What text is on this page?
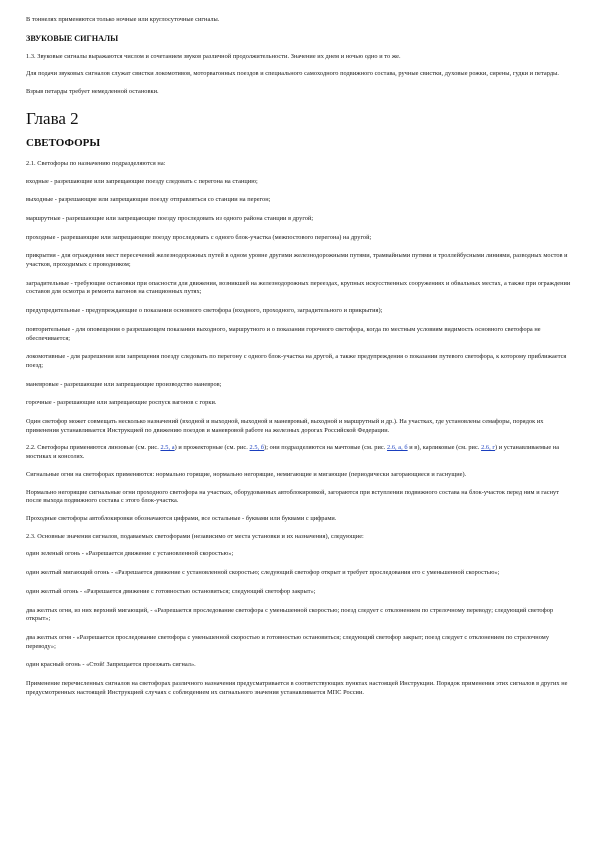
В тоннелях применяются только ночные или круглосуточные сигналы.

ЗВУКОВЫЕ СИГНАЛЫ

1.3. Звуковые сигналы выражаются числом и сочетанием звуков различной продолжительности. Значение их днем и ночью одно и то же.

Для подачи звуковых сигналов служат свистки локомотивов, моторвагонных поездов и специального самоходного подвижного состава, ручные свистки, духовые рожки, сирены, гудки и петарды.

Взрыв петарды требует немедленной остановки.

Глава 2
СВЕТОФОРЫ

2.1. Светофоры по назначению подразделяются на:

входные - разрешающие или запрещающие поезду следовать с перегона на станцию;

выходные - разрешающие или запрещающие поезду отправляться со станции на перегон;

маршрутные - разрешающие или запрещающие поезду проследовать из одного района станции в другой;

проходные - разрешающие или запрещающие поезду проследовать с одного блок-участка (межпостового перегона) на другой;

прикрытия - для ограждения мест пересечений железнодорожных путей в одном уровне другими железнодорожными путями, трамвайными путями и троллейбусными линиями, разводных мостов и участков, проходимых с проводником;

заградительные - требующие остановки при опасности для движения, возникшей на железнодорожных переездах, крупных искусственных сооружениях и обвальных местах, а также при ограждении составов для осмотра и ремонта вагонов на станционных путях;

предупредительные - предупреждающие о показании основного светофора (входного, проходного, заградительного и прикрытия);

повторительные - для оповещения о разрешающем показании выходного, маршрутного и о показании горочного светофора, когда по местным условиям видимость основного светофора не обеспечивается;

локомотивные - для разрешения или запрещения поезду следовать по перегону с одного блок-участка на другой, а также предупреждения о показании путевого светофора, к которому приближается поезд;

маневровые - разрешающие или запрещающие производство маневров;

горочные - разрешающие или запрещающие роспуск вагонов с горки.

Один светофор может совмещать несколько назначений (входной и выходной, выходной и маневровый, выходной и маршрутный и др.). На участках, где установлены семафоры, порядок их применения устанавливается Инструкцией по движению поездов и маневровой работе на железных дорогах Российской Федерации.

2.2. Светофоры применяются линзовые (см. рис. 2.5, а) и прожекторные (см. рис. 2.5, б); они подразделяются на мачтовые (см. рис. 2.6, а, б и в), карликовые (см. рис. 2.6, г) и устанавливаемые на мостиках и консолях.

Сигнальные огни на светофорах применяются: нормально горящие, нормально негорящие, немигающие и мигающие (периодически загорающиеся и гаснущие).

Нормально негорящие сигнальные огни проходного светофора на участках, оборудованных автоблокировкой, загораются при вступлении подвижного состава на блок-участок перед ним и гаснут после выхода подвижного состава с этого блок-участка.

Проходные светофоры автоблокировки обозначаются цифрами, все остальные - буквами или буквами с цифрами.

2.3. Основные значения сигналов, подаваемых светофорами (независимо от места установки и их назначения), следующие:

один зеленый огонь - «Разрешается движение с установленной скоростью»;

один желтый мигающий огонь - «Разрешается движение с установленной скоростью; следующий светофор открыт и требует проследования его с уменьшенной скоростью»;

один желтый огонь - «Разрешается движение с готовностью остановиться; следующий светофор закрыт»;

два желтых огня, из них верхний мигающий, - «Разрешается проследование светофора с уменьшенной скоростью; поезд следует с отклонением по стрелочному переводу; следующий светофор открыт»;

два желтых огня - «Разрешается проследование светофора с уменьшенной скоростью и готовностью остановиться; следующий светофор закрыт; поезд следует с отклонением по стрелочному переводу»;

один красный огонь - «Стой! Запрещается проезжать сигнал».

Применение перечисленных сигналов на светофорах различного назначения предусматривается в соответствующих пунктах настоящей Инструкции. Порядок применения этих сигналов в других не предусмотренных настоящей Инструкцией случаях с соблюдением их сигнального значения устанавливается МПС России.
